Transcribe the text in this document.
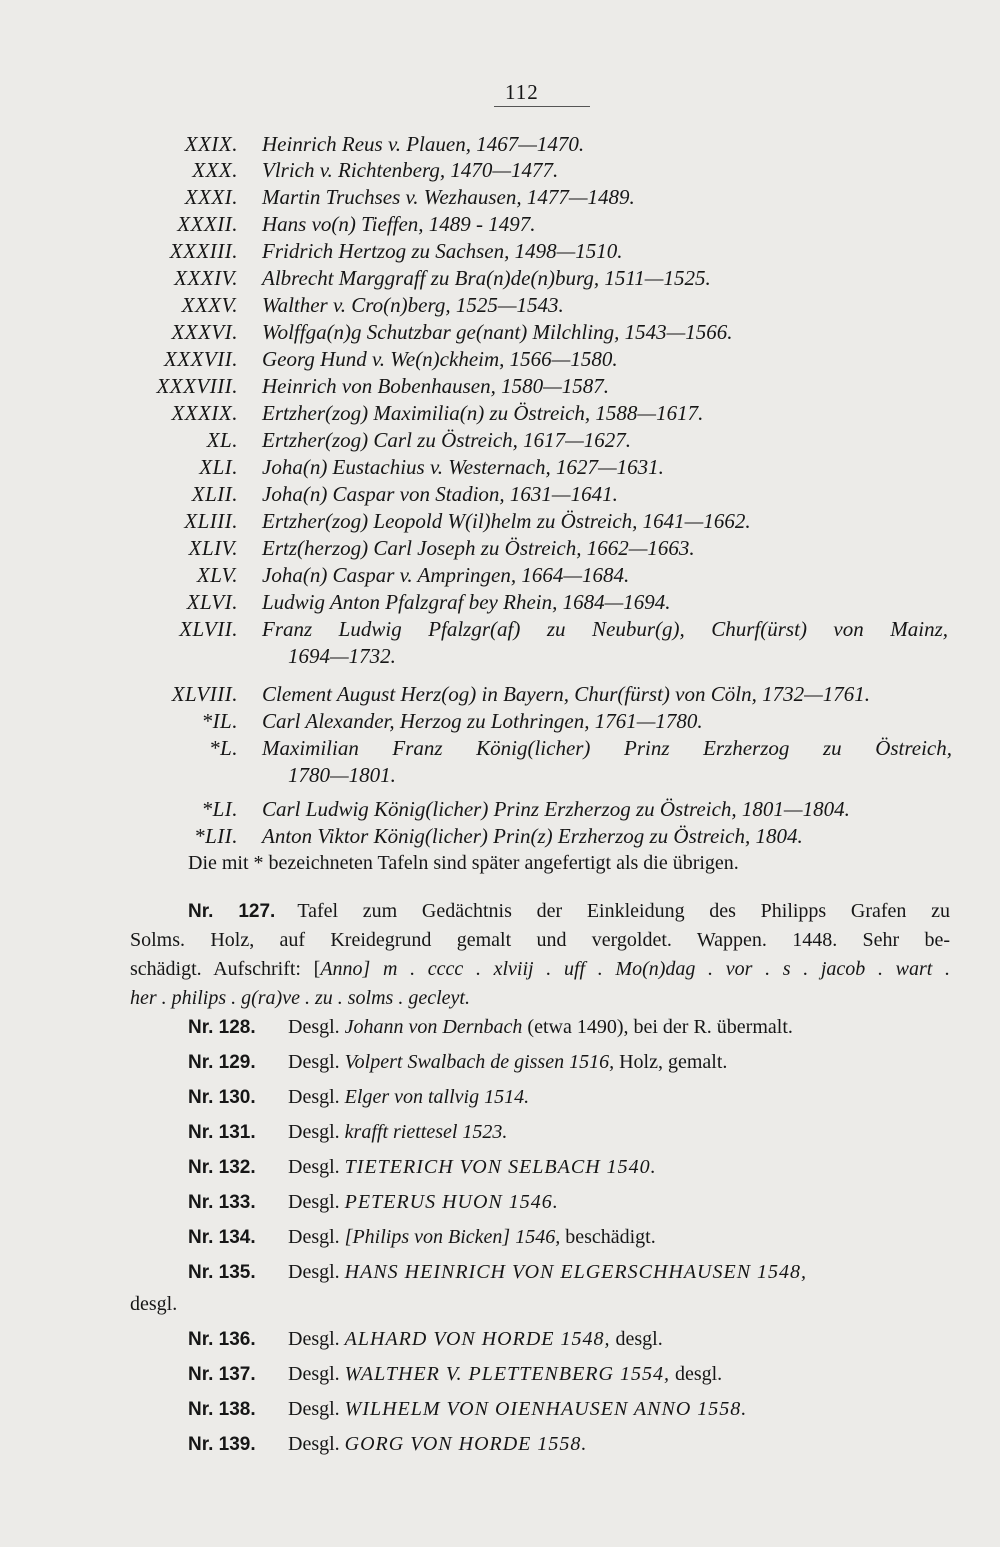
112
XXIX. Heinrich Reus v. Plauen, 1467—1470.
XXX. Vlrich v. Richtenberg, 1470—1477.
XXXI. Martin Truchses v. Wezhausen, 1477—1489.
XXXII. Hans vo(n) Tieffen, 1489 - 1497.
XXXIII. Fridrich Hertzog zu Sachsen, 1498—1510.
XXXIV. Albrecht Marggraff zu Bra(n)de(n)burg, 1511—1525.
XXXV. Walther v. Cro(n)berg, 1525—1543.
XXXVI. Wolffga(n)g Schutzbar ge(nant) Milchling, 1543—1566.
XXXVII. Georg Hund v. We(n)ckheim, 1566—1580.
XXXVIII. Heinrich von Bobenhausen, 1580—1587.
XXXIX. Ertzher(zog) Maximilia(n) zu Östreich, 1588—1617.
XL. Ertzher(zog) Carl zu Östreich, 1617—1627.
XLI. Joha(n) Eustachius v. Westernach, 1627—1631.
XLII. Joha(n) Caspar von Stadion, 1631—1641.
XLIII. Ertzher(zog) Leopold W(il)helm zu Östreich, 1641—1662.
XLIV. Ertz(herzog) Carl Joseph zu Östreich, 1662—1663.
XLV. Joha(n) Caspar v. Ampringen, 1664—1684.
XLVI. Ludwig Anton Pfalzgraf bey Rhein, 1684—1694.
XLVII. Franz Ludwig Pfalzgr(af) zu Neubur(g), Churf(ürst) von Mainz,
1694—1732.
XLVIII. Clement August Herz(og) in Bayern, Chur(fürst) von Cöln, 1732—1761.
*IL. Carl Alexander, Herzog zu Lothringen, 1761—1780.
*L. Maximilian Franz König(licher) Prinz Erzherzog zu Östreich,
1780—1801.
*LI. Carl Ludwig König(licher) Prinz Erzherzog zu Östreich, 1801—1804.
*LII. Anton Viktor König(licher) Prin(z) Erzherzog zu Östreich, 1804.
Die mit * bezeichneten Tafeln sind später angefertigt als die übrigen.
Nr. 127. Tafel zum Gedächtnis der Einkleidung des Philipps Grafen zu
Solms. Holz, auf Kreidegrund gemalt und vergoldet. Wappen. 1448. Sehr be-
schädigt. Aufschrift: [Anno] m . cccc . xlviij . uff . Mo(n)dag . vor . s . jacob . wart .
her . philips . g(ra)ve . zu . solms . gecleyt.
Nr. 128. Desgl. Johann von Dernbach (etwa 1490), bei der R. übermalt.
Nr. 129. Desgl. Volpert Swalbach de gissen 1516, Holz, gemalt.
Nr. 130. Desgl. Elger von tallvig 1514.
Nr. 131. Desgl. krafft riettesel 1523.
Nr. 132. Desgl. TIETERICH VON SELBACH 1540.
Nr. 133. Desgl. PETERUS HUON 1546.
Nr. 134. Desgl. [Philips von Bicken] 1546, beschädigt.
Nr. 135. Desgl. HANS HEINRICH VON ELGERSCHHAUSEN 1548,
desgl.
Nr. 136. Desgl. ALHARD VON HORDE 1548, desgl.
Nr. 137. Desgl. WALTHER V. PLETTENBERG 1554, desgl.
Nr. 138. Desgl. WILHELM VON OIENHAUSEN ANNO 1558.
Nr. 139. Desgl. GORG VON HORDE 1558.
